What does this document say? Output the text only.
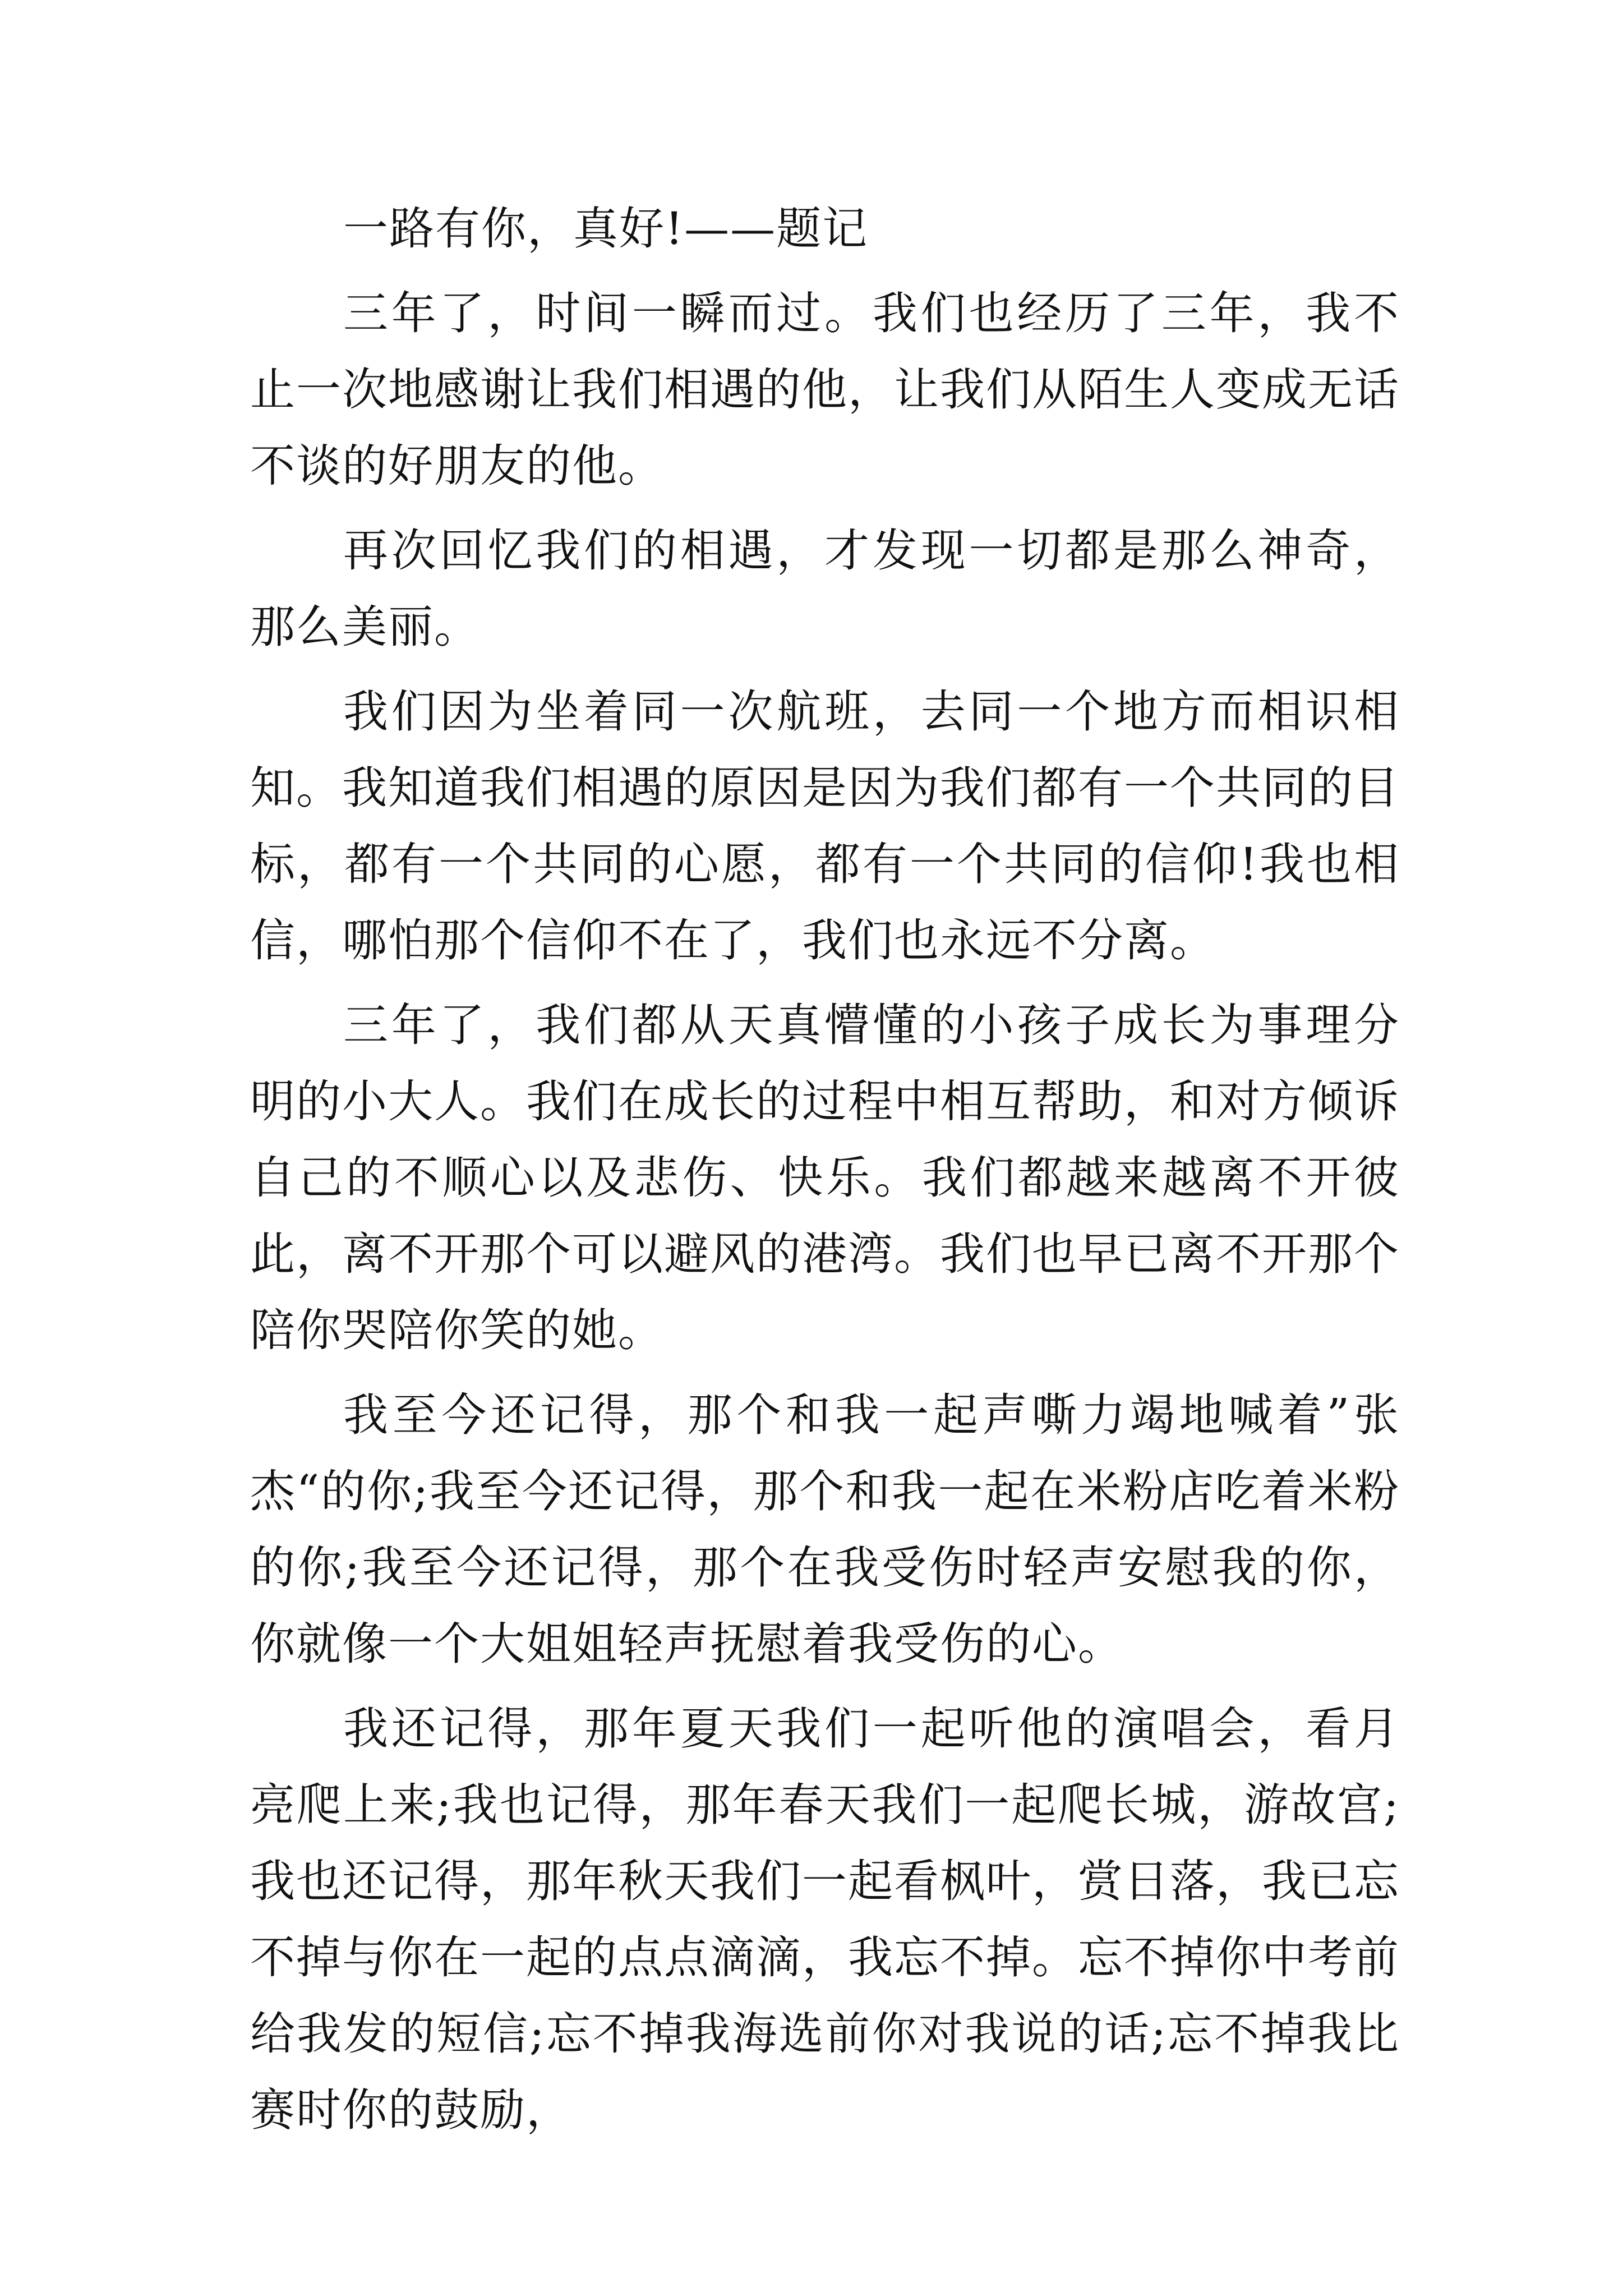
一路有你，真好!——题记

三年了，时间一瞬而过。我们也经历了三年，我不止一次地感谢让我们相遇的他，让我们从陌生人变成无话不谈的好朋友的他。

再次回忆我们的相遇，才发现一切都是那么神奇，那么美丽。

我们因为坐着同一次航班，去同一个地方而相识相知。我知道我们相遇的原因是因为我们都有一个共同的目标，都有一个共同的心愿，都有一个共同的信仰!我也相信，哪怕那个信仰不在了，我们也永远不分离。

三年了，我们都从天真懵懂的小孩子成长为事理分明的小大人。我们在成长的过程中相互帮助，和对方倾诉自己的不顺心以及悲伤、快乐。我们都越来越离不开彼此，离不开那个可以避风的港湾。我们也早已离不开那个陪你哭陪你笑的她。

我至今还记得，那个和我一起声嘶力竭地喊着”张杰“的你;我至今还记得，那个和我一起在米粉店吃着米粉的你;我至今还记得，那个在我受伤时轻声安慰我的你，你就像一个大姐姐轻声抚慰着我受伤的心。

我还记得，那年夏天我们一起听他的演唱会，看月亮爬上来;我也记得，那年春天我们一起爬长城，游故宫;我也还记得，那年秋天我们一起看枫叶，赏日落，我已忘不掉与你在一起的点点滴滴，我忘不掉。忘不掉你中考前给我发的短信;忘不掉我海选前你对我说的话;忘不掉我比赛时你的鼓励，
